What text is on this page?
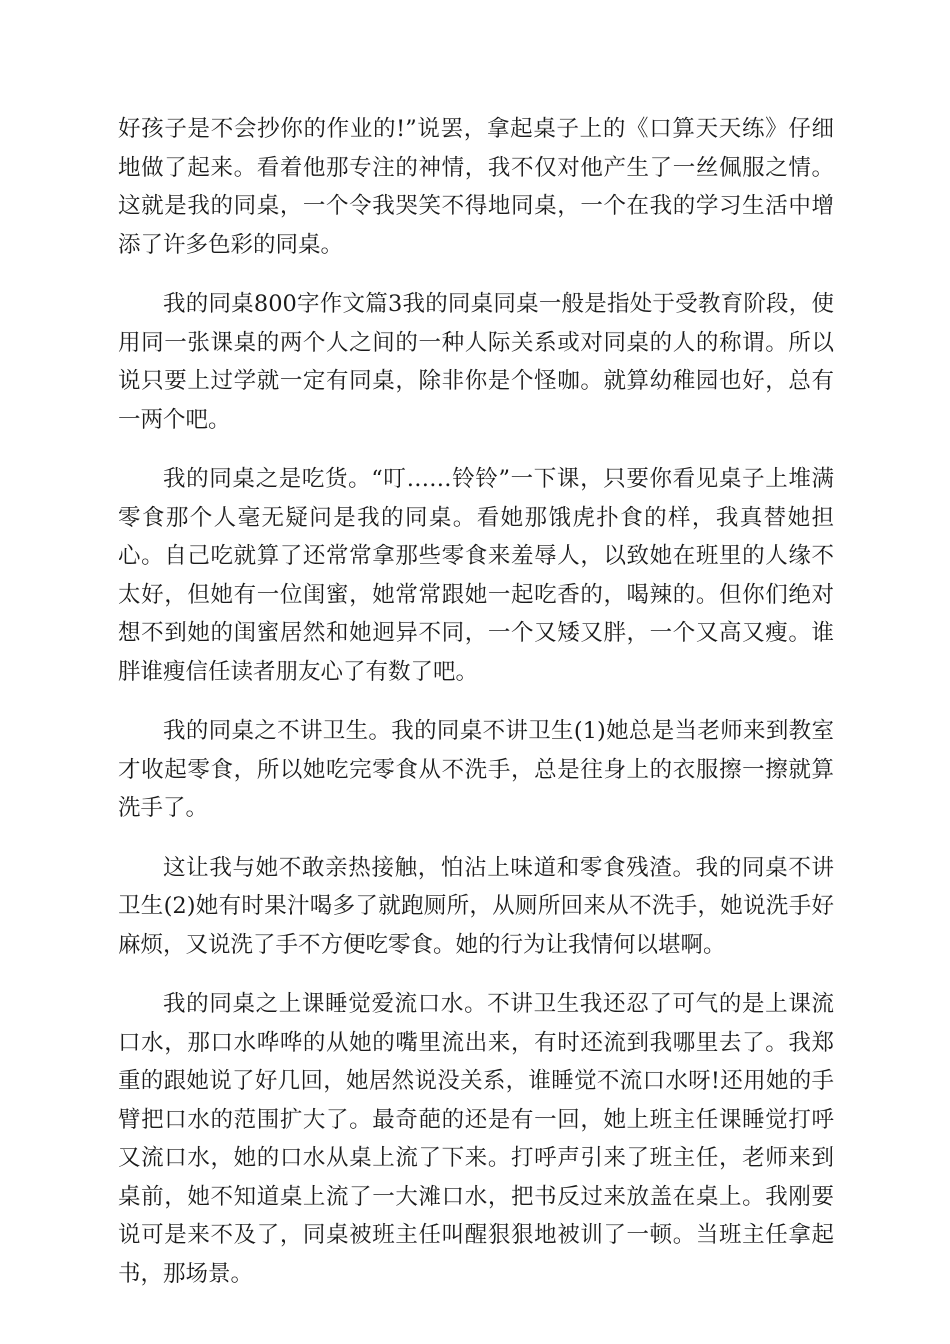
好孩子是不会抄你的作业的!”说罢，拿起桌子上的《口算天天练》仔细地做了起来。看着他那专注的神情，我不仅对他产生了一丝佩服之情。这就是我的同桌，一个令我哭笑不得地同桌，一个在我的学习生活中增添了许多色彩的同桌。

我的同桌800字作文篇3我的同桌同桌一般是指处于受教育阶段，使用同一张课桌的两个人之间的一种人际关系或对同桌的人的称谓。所以说只要上过学就一定有同桌，除非你是个怪咖。就算幼稚园也好，总有一两个吧。

我的同桌之是吃货。“叮……铃铃”一下课，只要你看见桌子上堆满零食那个人毫无疑问是我的同桌。看她那饿虎扑食的样，我真替她担心。自己吃就算了还常常拿那些零食来羞辱人，以致她在班里的人缘不太好，但她有一位闺蜜，她常常跟她一起吃香的，喝辣的。但你们绝对想不到她的闺蜜居然和她迥异不同，一个又矮又胖，一个又高又瘦。谁胖谁瘦信任读者朋友心了有数了吧。

我的同桌之不讲卫生。我的同桌不讲卫生(1)她总是当老师来到教室才收起零食，所以她吃完零食从不洗手，总是往身上的衣服擦一擦就算洗手了。

这让我与她不敢亲热接触，怕沾上味道和零食残渣。我的同桌不讲卫生(2)她有时果汁喝多了就跑厕所，从厕所回来从不洗手，她说洗手好麻烦，又说洗了手不方便吃零食。她的行为让我情何以堪啊。

我的同桌之上课睡觉爱流口水。不讲卫生我还忍了可气的是上课流口水，那口水哗哗的从她的嘴里流出来，有时还流到我哪里去了。我郑重的跟她说了好几回，她居然说没关系，谁睡觉不流口水呀!还用她的手臂把口水的范围扩大了。最奇葩的还是有一回，她上班主任课睡觉打呼又流口水，她的口水从桌上流了下来。打呼声引来了班主任，老师来到桌前，她不知道桌上流了一大滩口水，把书反过来放盖在桌上。我刚要说可是来不及了，同桌被班主任叫醒狠狠地被训了一顿。当班主任拿起书，那场景。
